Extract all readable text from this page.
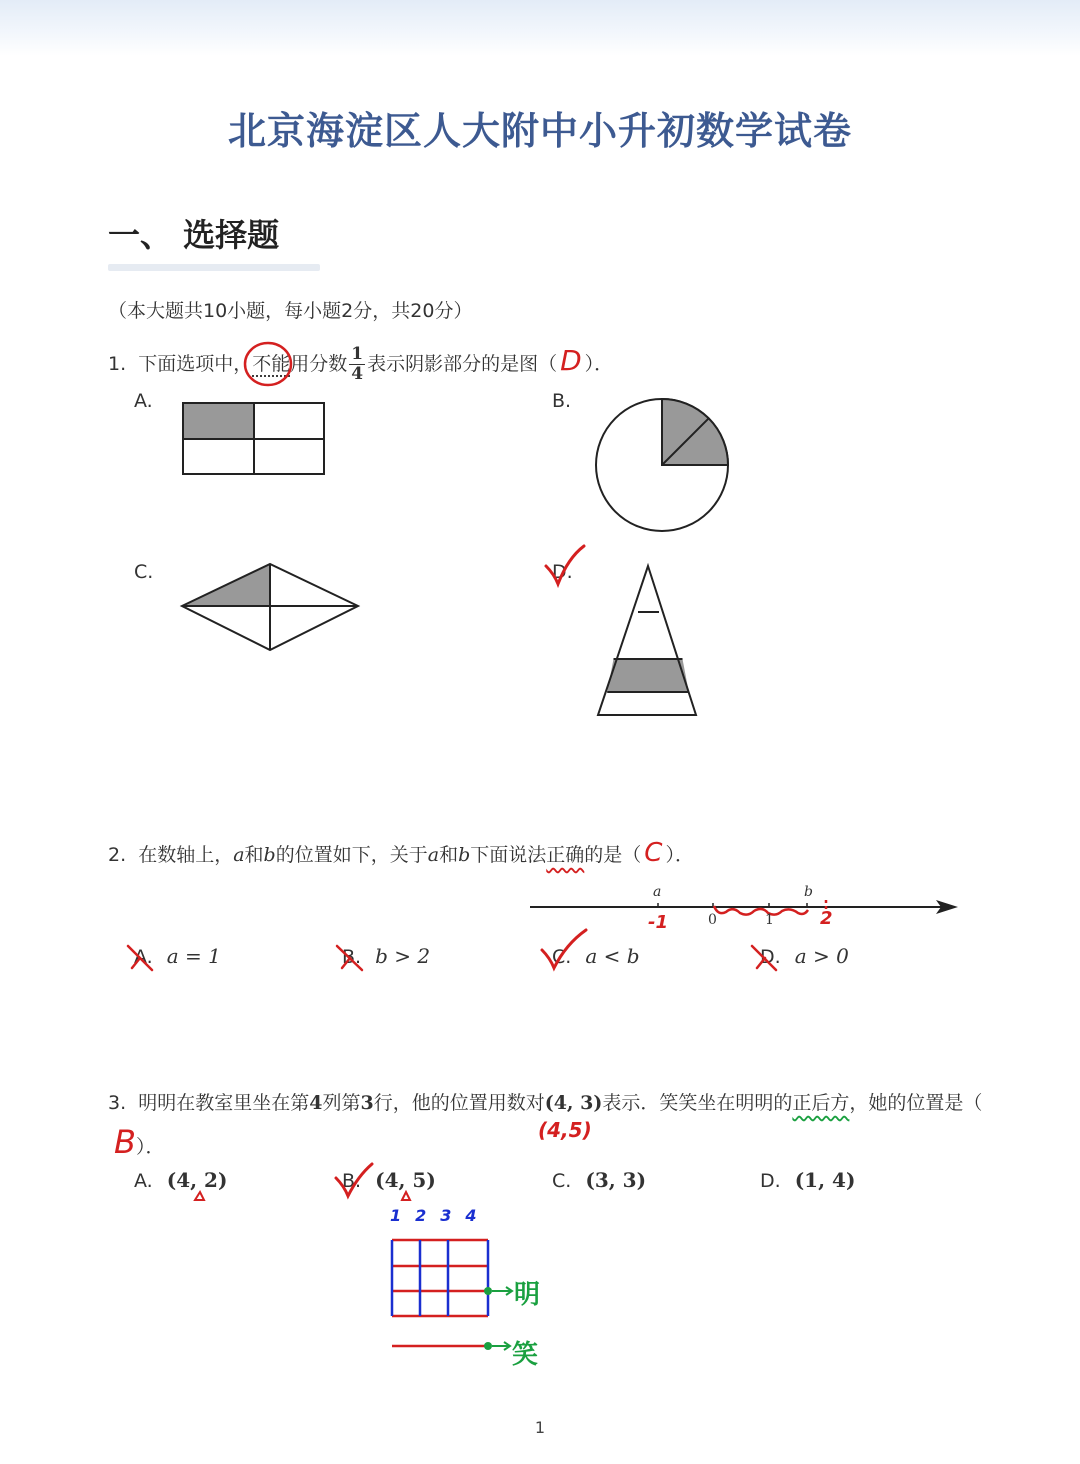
北京海淀区人大附中小升初数学试卷
一、 选择题
（本大题共10小题，每小题2分，共20分）
1. 下面选项中，不能用分数 $\frac{1}{4}$ 表示阴影部分的是图（ D ）．
A.	B.
C.	D.
2. 在数轴上，a和b的位置如下，关于a和b下面说法正确的是（ C ）．
a	b
0	1
-1	2
A. a = 1	B. b > 2	C. a < b	D. a > 0
3. 明明在教室里坐在第4列第3行，他的位置用数对(4, 3)表示．笑笑坐在明明的正后方，她的位置是（
(4,5)
B）．
A. (4, 2)	B. (4, 5)	C. (3, 3)	D. (1, 4)
1 2 3 4
明
笑
1
